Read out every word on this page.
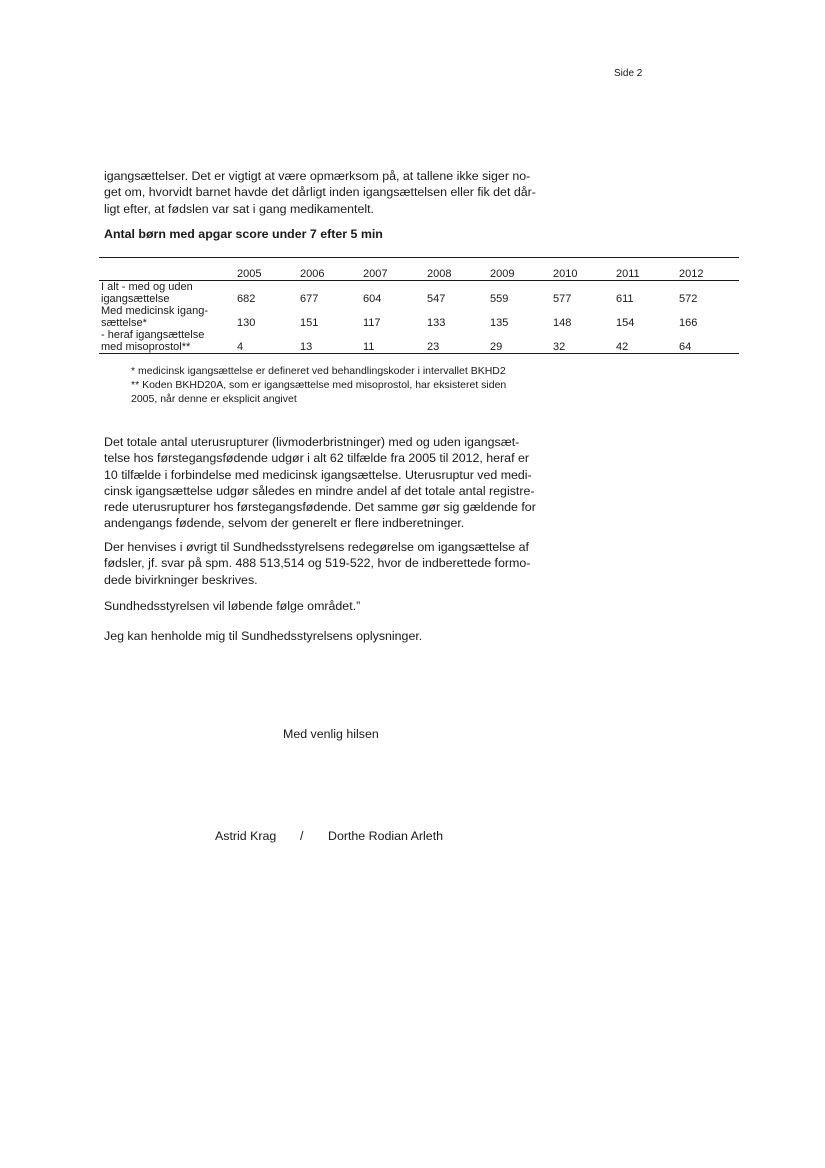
Side 2

igangsættelser. Det er vigtigt at være opmærksom på, at tallene ikke siger no-
get om, hvorvidt barnet havde det dårligt inden igangsættelsen eller fik det dår-
ligt efter, at fødslen var sat i gang medikamentelt.

Antal børn med apgar score under 7 efter 5 min

	2005	2006	2007	2008	2009	2010	2011	2012

I alt - med og uden
igangsættelse	682	677	604	547	559	577	611	572

Med medicinsk igang-
sættelse*	130	151	117	133	135	148	154	166

- heraf igangsættelse
med misoprostol**	4	13	11	23	29	32	42	64

* medicinsk igangsættelse er defineret ved behandlingskoder i intervallet BKHD2
** Koden BKHD20A, som er igangsættelse med misoprostol, har eksisteret siden
2005, når denne er eksplicit angivet

Det totale antal uterusrupturer (livmoderbristninger) med og uden igangsæt-
telse hos førstegangsfødende udgør i alt 62 tilfælde fra 2005 til 2012, heraf er
10 tilfælde i forbindelse med medicinsk igangsættelse. Uterusruptur ved medi-
cinsk igangsættelse udgør således en mindre andel af det totale antal registre-
rede uterusrupturer hos førstegangsfødende. Det samme gør sig gældende for
andengangs fødende, selvom der generelt er flere indberetninger.

Der henvises i øvrigt til Sundhedsstyrelsens redegørelse om igangsættelse af
fødsler, jf. svar på spm. 488 513,514 og 519-522, hvor de indberettede formo-
dede bivirkninger beskrives.

Sundhedsstyrelsen vil løbende følge området.”

Jeg kan henholde mig til Sundhedsstyrelsens oplysninger.

Med venlig hilsen
Astrid Krag / Dorthe Rodian Arleth
